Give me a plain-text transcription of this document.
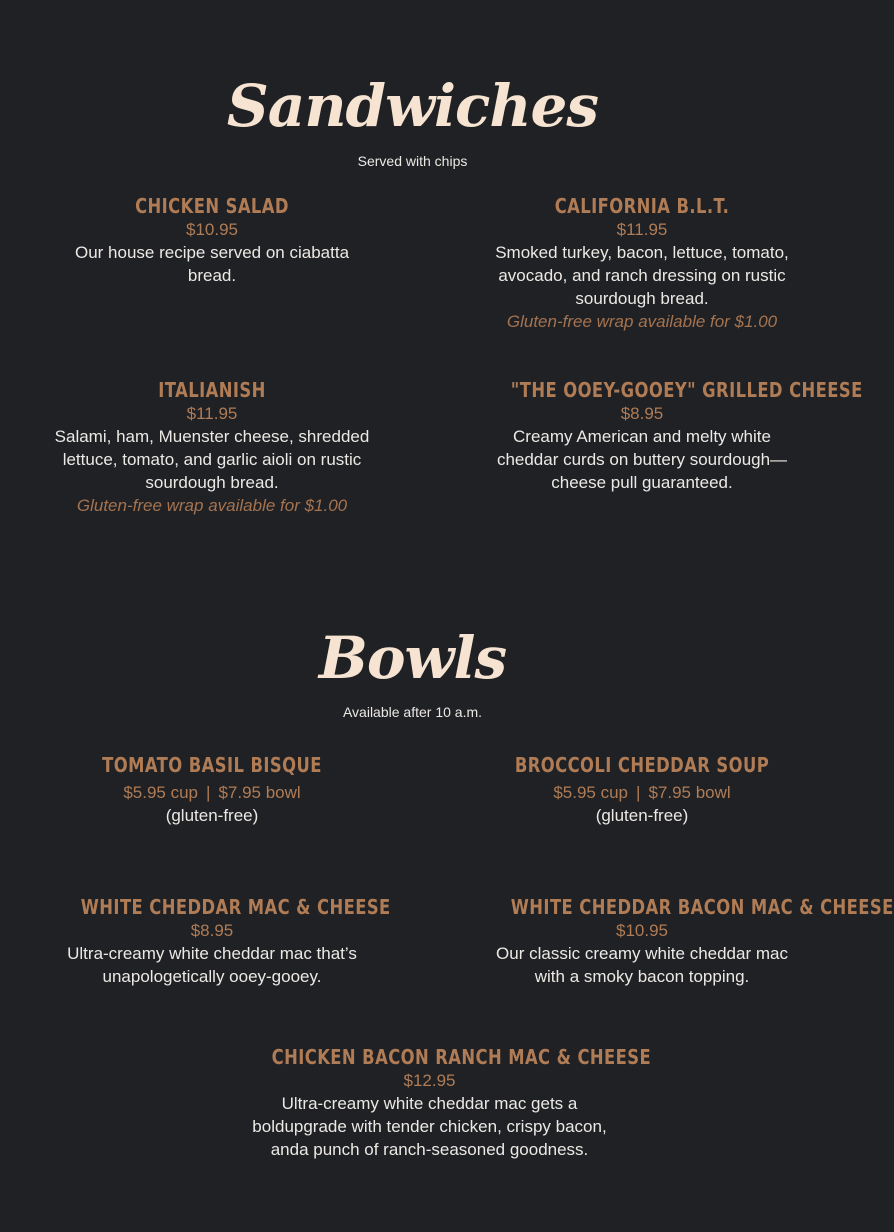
Sandwiches
Served with chips
CHICKEN SALAD
$10.95
Our house recipe served on ciabatta bread.
CALIFORNIA B.L.T.
$11.95
Smoked turkey, bacon, lettuce, tomato, avocado, and ranch dressing on rustic sourdough bread.
Gluten-free wrap available for $1.00
ITALIANISH
$11.95
Salami, ham, Muenster cheese, shredded lettuce, tomato, and garlic aioli on rustic sourdough bread.
Gluten-free wrap available for $1.00
"THE OOEY-GOOEY" GRILLED CHEESE
$8.95
Creamy American and melty white cheddar curds on buttery sourdough—cheese pull guaranteed.
Bowls
Available after 10 a.m.
TOMATO BASIL BISQUE
$5.95 cup | $7.95 bowl
(gluten-free)
BROCCOLI CHEDDAR SOUP
$5.95 cup | $7.95 bowl
(gluten-free)
WHITE CHEDDAR MAC & CHEESE
$8.95
Ultra-creamy white cheddar mac that’s unapologetically ooey-gooey.
WHITE CHEDDAR BACON MAC & CHEESE
$10.95
Our classic creamy white cheddar mac with a smoky bacon topping.
CHICKEN BACON RANCH MAC & CHEESE
$12.95
Ultra-creamy white cheddar mac gets a boldupgrade with tender chicken, crispy bacon, anda punch of ranch-seasoned goodness.
